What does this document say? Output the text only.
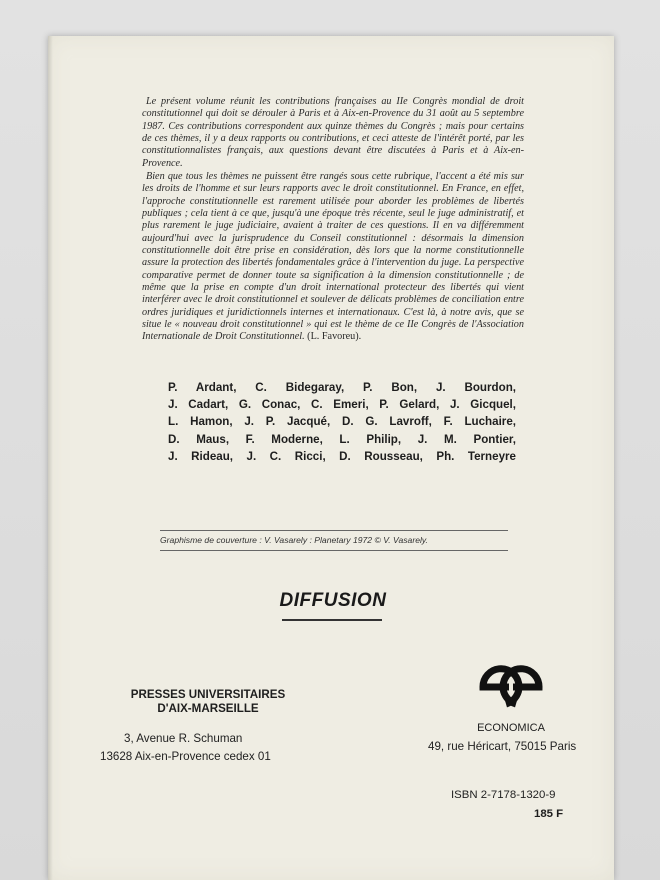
Le présent volume réunit les contributions françaises au IIe Congrès mondial de droit constitutionnel qui doit se dérouler à Paris et à Aix-en-Provence du 31 août au 5 septembre 1987. Ces contributions correspondent aux quinze thèmes du Congrès ; mais pour certains de ces thèmes, il y a deux rapports ou contributions, et ceci atteste de l'intérêt porté, par les constitutionnalistes français, aux questions devant être discutées à Paris et à Aix-en-Provence.

Bien que tous les thèmes ne puissent être rangés sous cette rubrique, l'accent a été mis sur les droits de l'homme et sur leurs rapports avec le droit constitutionnel. En France, en effet, l'approche constitutionnelle est rarement utilisée pour aborder les problèmes de libertés publiques ; cela tient à ce que, jusqu'à une époque très récente, seul le juge administratif, et plus rarement le juge judiciaire, avaient à traiter de ces questions. Il en va différemment aujourd'hui avec la jurisprudence du Conseil constitutionnel : désormais la dimension constitutionnelle doit être prise en considération, dès lors que la norme constitutionnelle assure la protection des libertés fondamentales grâce à l'intervention du juge. La perspective comparative permet de donner toute sa signification à la dimension constitutionnelle ; de même que la prise en compte d'un droit international protecteur des libertés qui vient interférer avec le droit constitutionnel et soulever de délicats problèmes de conciliation entre ordres juridiques et juridictionnels internes et internationaux. C'est là, à notre avis, que se situe le « nouveau droit constitutionnel » qui est le thème de ce IIe Congrès de l'Association Internationale de Droit Constitutionnel. (L. Favoreu).

P. Ardant, C. Bidegaray, P. Bon, J. Bourdon,
J. Cadart, G. Conac, C. Emeri, P. Gelard, J. Gicquel,
L. Hamon, J. P. Jacqué, D. G. Lavroff, F. Luchaire,
D. Maus, F. Moderne, L. Philip, J. M. Pontier,
J. Rideau, J. C. Ricci, D. Rousseau, Ph. Terneyre
Graphisme de couverture : V. Vasarely : Planetary 1972 © V. Vasarely.
DIFFUSION
PRESSES UNIVERSITAIRES
D'AIX-MARSEILLE
3, Avenue R. Schuman
13628 Aix-en-Provence cedex 01
ECONOMICA
49, rue Héricart, 75015 Paris
ISBN 2-7178-1320-9
185 F
